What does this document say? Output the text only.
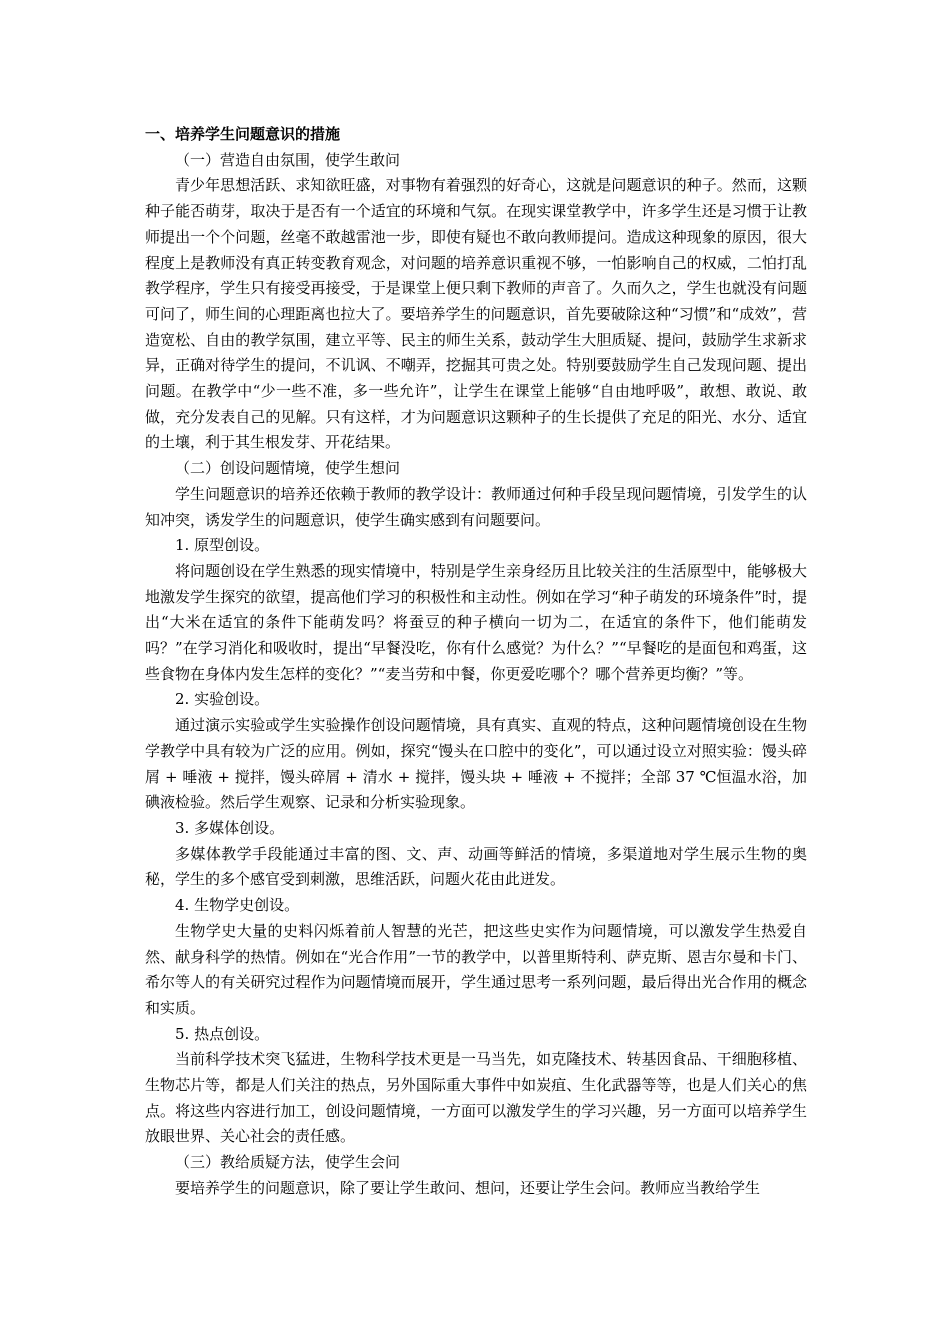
一、培养学生问题意识的措施

（一）营造自由氛围，使学生敢问

青少年思想活跃、求知欲旺盛，对事物有着强烈的好奇心，这就是问题意识的种子。然而，这颗种子能否萌芽，取决于是否有一个适宜的环境和气氛。在现实课堂教学中，许多学生还是习惯于让教师提出一个个问题，丝毫不敢越雷池一步，即使有疑也不敢向教师提问。造成这种现象的原因，很大程度上是教师没有真正转变教育观念，对问题的培养意识重视不够，一怕影响自己的权威，二怕打乱教学程序，学生只有接受再接受，于是课堂上便只剩下教师的声音了。久而久之，学生也就没有问题可问了，师生间的心理距离也拉大了。要培养学生的问题意识，首先要破除这种“习惯”和“成效”，营造宽松、自由的教学氛围，建立平等、民主的师生关系，鼓动学生大胆质疑、提问，鼓励学生求新求异，正确对待学生的提问，不讥讽、不嘲弄，挖掘其可贵之处。特别要鼓励学生自己发现问题、提出问题。在教学中“少一些不准，多一些允许”，让学生在课堂上能够“自由地呼吸”，敢想、敢说、敢做，充分发表自己的见解。只有这样，才为问题意识这颗种子的生长提供了充足的阳光、水分、适宜的土壤，利于其生根发芽、开花结果。

（二）创设问题情境，使学生想问

学生问题意识的培养还依赖于教师的教学设计：教师通过何种手段呈现问题情境，引发学生的认知冲突，诱发学生的问题意识，使学生确实感到有问题要问。

1. 原型创设。

将问题创设在学生熟悉的现实情境中，特别是学生亲身经历且比较关注的生活原型中，能够极大地激发学生探究的欲望，提高他们学习的积极性和主动性。例如在学习“种子萌发的环境条件”时，提出“大米在适宜的条件下能萌发吗？将蚕豆的种子横向一切为二，在适宜的条件下，他们能萌发吗？”在学习消化和吸收时，提出“早餐没吃，你有什么感觉？为什么？”“早餐吃的是面包和鸡蛋，这些食物在身体内发生怎样的变化？”“麦当劳和中餐，你更爱吃哪个？哪个营养更均衡？”等。

2. 实验创设。

通过演示实验或学生实验操作创设问题情境，具有真实、直观的特点，这种问题情境创设在生物学教学中具有较为广泛的应用。例如，探究“馒头在口腔中的变化”，可以通过设立对照实验：馒头碎屑 + 唾液 + 搅拌，馒头碎屑 + 清水 + 搅拌，馒头块 + 唾液 + 不搅拌；全部 37 ℃恒温水浴，加碘液检验。然后学生观察、记录和分析实验现象。

3. 多媒体创设。

多媒体教学手段能通过丰富的图、文、声、动画等鲜活的情境，多渠道地对学生展示生物的奥秘，学生的多个感官受到刺激，思维活跃，问题火花由此迸发。

4. 生物学史创设。

生物学史大量的史料闪烁着前人智慧的光芒，把这些史实作为问题情境，可以激发学生热爱自然、献身科学的热情。例如在“光合作用”一节的教学中，以普里斯特利、萨克斯、恩吉尔曼和卡门、希尔等人的有关研究过程作为问题情境而展开，学生通过思考一系列问题，最后得出光合作用的概念和实质。

5. 热点创设。

当前科学技术突飞猛进，生物科学技术更是一马当先，如克隆技术、转基因食品、干细胞移植、生物芯片等，都是人们关注的热点，另外国际重大事件中如炭疽、生化武器等等，也是人们关心的焦点。将这些内容进行加工，创设问题情境，一方面可以激发学生的学习兴趣，另一方面可以培养学生放眼世界、关心社会的责任感。

（三）教给质疑方法，使学生会问

要培养学生的问题意识，除了要让学生敢问、想问，还要让学生会问。教师应当教给学生
